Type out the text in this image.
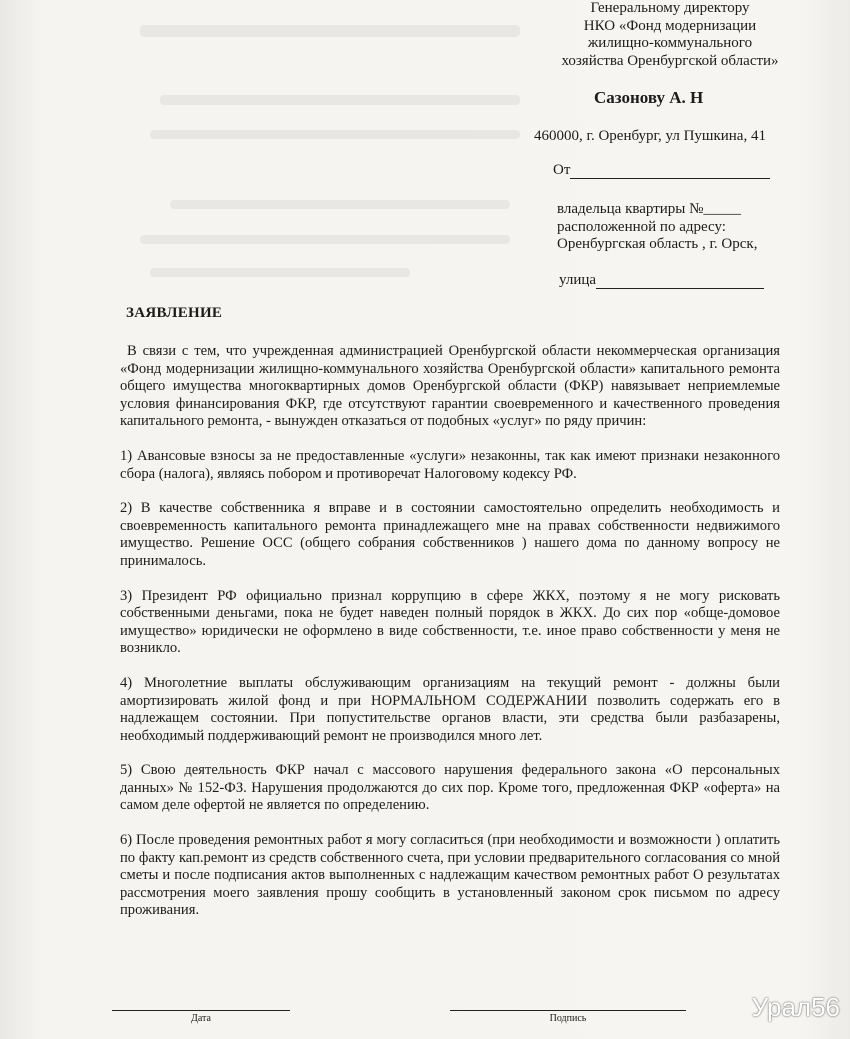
Генеральному директору
НКО «Фонд модернизации
жилищно-коммунального
хозяйства Оренбургской области»
Сазонову А. Н
460000, г. Оренбург, ул Пушкина, 41
От
владельца квартиры №_____
расположенной по адресу:
Оренбургская область , г. Орск,
улица
ЗАЯВЛЕНИЕ

В связи с тем, что учрежденная администрацией Оренбургской области некоммерческая организация «Фонд модернизации жилищно-коммунального хозяйства Оренбургской области» капитального ремонта общего имущества многоквартирных домов Оренбургской области (ФКР) навязывает неприемлемые условия финансирования ФКР, где отсутствуют гарантии своевременного и качественного проведения капитального ремонта, - вынужден отказаться от подобных «услуг» по ряду причин:

1) Авансовые взносы за не предоставленные «услуги» незаконны, так как имеют признаки незаконного сбора (налога), являясь побором и противоречат Налоговому кодексу РФ.

2) В качестве собственника я вправе и в состоянии самостоятельно определить необходимость и своевременность капитального ремонта принадлежащего мне на правах собственности недвижимого имущество. Решение ОСС (общего собрания собственников ) нашего дома по данному вопросу не принималось.

3) Президент РФ официально признал коррупцию в сфере ЖКХ, поэтому я не могу рисковать собственными деньгами, пока не будет наведен полный порядок в ЖКХ. До сих пор «обще-домовое имущество» юридически не оформлено в виде собственности, т.е. иное право собственности у меня не возникло.

4) Многолетние выплаты обслуживающим организациям на текущий ремонт - должны были амортизировать жилой фонд и при НОРМАЛЬНОМ СОДЕРЖАНИИ позволить содержать его в надлежащем состоянии. При попустительстве органов власти, эти средства были разбазарены, необходимый поддерживающий ремонт не производился много лет.

5) Свою деятельность ФКР начал с массового нарушения федерального закона «О персональных данных» № 152-ФЗ. Нарушения продолжаются до сих пор. Кроме того, предложенная ФКР «оферта» на самом деле офертой не является по определению.

6) После проведения ремонтных работ я могу согласиться (при необходимости и возможности ) оплатить по факту кап.ремонт из средств собственного счета, при условии предварительного согласования со мной сметы и после подписания актов выполненных с надлежащим качеством ремонтных работ О результатах рассмотрения моего заявления прошу сообщить в установленный законом срок письмом по адресу проживания.

Дата	Подпись	Урал56
